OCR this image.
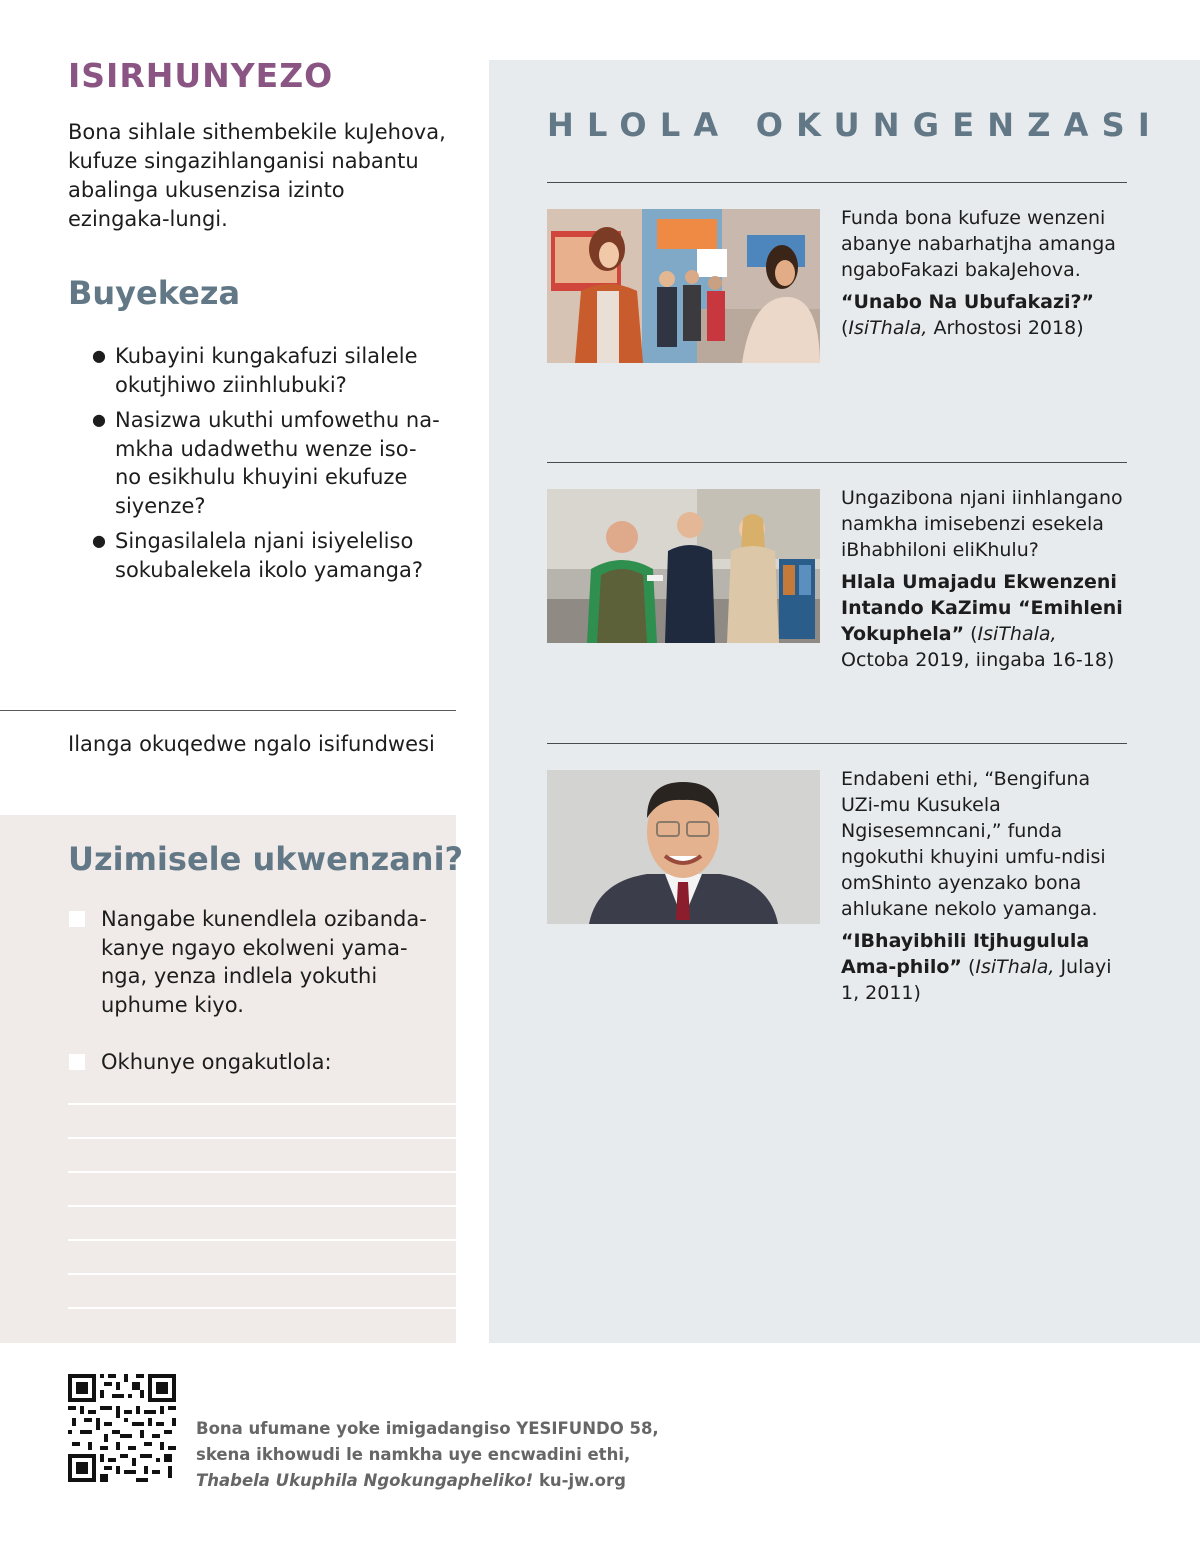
ISIRHUNYEZO

Bona sihlale sithembekile kuJehova, kufuze singazihlanganisi nabantu abalinga ukusenzisa izinto ezingaka-lungi.

Buyekeza
● Kubayini kungakafuzi silalele okutjhiwo ziinhlubuki?
● Nasizwa ukuthi umfowethu na-mkha udadwethu wenze iso-no esikhulu khuyini ekufuze siyenze?
● Singasilalela njani isiyeleliso sokubalekela ikolo yamanga?
Ilanga okuqedwe ngalo isifundwesi
Uzimisele ukwenzani?
Nangabe kunendlela ozibanda-kanye ngayo ekolweni yama-nga, yenza indlela yokuthi uphume kiyo.
Okhunye ongakutlola:
HLOLA OKUNGENZASI

Funda bona kufuze wenzeni abanye nabarhatjha amanga ngaboFakazi bakaJehova.

“Unabo Na Ubufakazi?”
(IsiThala, Arhostosi 2018)

Ungazibona njani iinhlangano namkha imisebenzi esekela iBhabhiloni eliKhulu?

Hlala Umajadu Ekwenzeni Intando KaZimu “Emihleni Yokuphela” (IsiThala, Octoba 2019, iingaba 16-18)

Endabeni ethi, “Bengifuna UZi-mu Kusukela Ngisesemncani,” funda ngokuthi khuyini umfu-ndisi omShinto ayenzako bona ahlukane nekolo yamanga.

“IBhayibhili Itjhugulula Ama-philo” (IsiThala, Julayi 1, 2011)

Bona ufumane yoke imigadangiso YESIFUNDO 58,
skena ikhowudi le namkha uye encwadini ethi,
Thabela Ukuphila Ngokungapheliko! ku-jw.org
